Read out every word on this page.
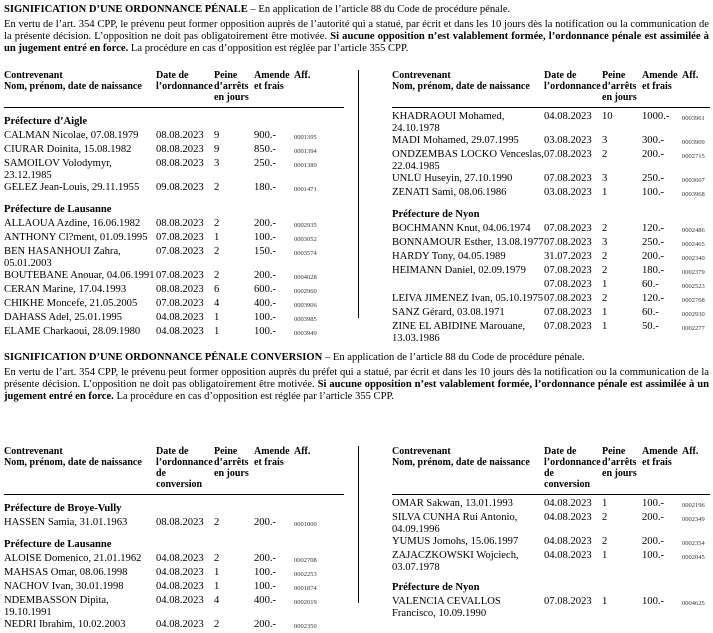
SIGNIFICATION D’UNE ORDONNANCE PÉNALE – En application de l’article 88 du Code de procédure pénale.
En vertu de l’art. 354 CPP, le prévenu peut former opposition auprès de l’autorité qui a statué, par écrit et dans les 10 jours dès la notification ou la communication de la présente décision. L’opposition ne doit pas obligatoirement être motivée. Si aucune opposition n’est valablement formée, l’ordonnance pénale est assimilée à un jugement entré en force. La procédure en cas d’opposition est réglée par l’article 355 CPP.
Contrevenant
Nom, prénom, date de naissance	Date de
l’ordonnance	Peine
d’arrêts
en jours	Amende
et frais	Aff.
Préfecture d’Aigle				
CALMAN Nicolae, 07.08.1979	08.08.2023	9	900.-	0001395
CIURAR Doinita, 15.08.1982	08.08.2023	9	850.-	0001394
SAMOILOV Volodymyr, 23.12.1985	08.08.2023	3	250.-	0001389
GELEZ Jean-Louis, 29.11.1955	09.08.2023	2	180.-	0001471
Préfecture de Lausanne				
ALLAOUA Azdine, 16.06.1982	08.08.2023	2	200.-	0002935
ANTHONY Cl?ment, 01.09.1995	07.08.2023	1	100.-	0003052
BEN HASANHOUI Zahra, 05.01.2003	07.08.2023	2	150.-	0003574
BOUTEBANE Anouar, 04.06.1991	07.08.2023	2	200.-	0004028
CERAN Marine, 17.04.1993	08.08.2023	6	600.-	0002960
CHIKHE Moncefe, 21.05.2005	07.08.2023	4	400.-	0003906
DAHASS Adel, 25.01.1995	04.08.2023	1	100.-	0003985
ELAME Charkaoui, 28.09.1980	04.08.2023	1	100.-	0003949
Contrevenant
Nom, prénom, date de naissance	Date de
l’ordonnance	Peine
d’arrêts
en jours	Amende
et frais	Aff.

KHADRAOUI Mohamed, 24.10.1978	04.08.2023	10	1000.-	0003961
MADI Mohamed, 29.07.1995	03.08.2023	3	300.-	0003909
ONDZEMBAS LOCKO Venceslas, 22.04.1985	07.08.2023	2	200.-	0002715
UNLÜ Huseyin, 27.10.1990	07.08.2023	3	250.-	0003667
ZENATI Sami, 08.06.1986	03.08.2023	1	100.-	0003968
Préfecture de Nyon				
BOCHMANN Knut, 04.06.1974	07.08.2023	2	120.-	0002486
BONNAMOUR Esther, 13.08.1977	07.08.2023	3	250.-	0002465
HARDY Tony, 04.05.1989	31.07.2023	2	200.-	0002340
HEIMANN Daniel, 02.09.1979	07.08.2023	2	180.-	0002379
	07.08.2023	1	60.-	0002523
LEIVA JIMENEZ Ivan, 05.10.1975	07.08.2023	2	120.-	0002768
SANZ Gérard, 03.08.1971	07.08.2023	1	60.-	0002930
ZINE EL ABIDINE Marouane, 13.03.1986	07.08.2023	1	50.-	0002277
SIGNIFICATION D’UNE ORDONNANCE PÉNALE CONVERSION – En application de l’article 88 du Code de procédure pénale.
En vertu de l’art. 354 CPP, le prévenu peut former opposition auprès du préfet qui a statué, par écrit et dans les 10 jours dès la notification ou la communication de la présente décision. L’opposition ne doit pas obligatoirement être motivée. Si aucune opposition n’est valablement formée, l’ordonnance pénale est assimilée à un jugement entré en force. La procédure en cas d’opposition est réglée par l’article 355 CPP.
Contrevenant
Nom, prénom, date de naissance	Date de
l’ordonnance
de conversion	Peine
d’arrêts
en jours	Amende
et frais	Aff.
Préfecture de Broye-Vully				
HASSEN Samia, 31.01.1963	08.08.2023	2	200.-	0001000
Préfecture de Lausanne				
ALOISE Domenico, 21.01.1962	04.08.2023	2	200.-	0002708
MAHSAS Omar, 08.06.1998	04.08.2023	1	100.-	0002253
NACHOV Ivan, 30.01.1998	04.08.2023	1	100.-	0001874
NDEMBASSON Dipita, 19.10.1991	04.08.2023	4	400.-	0002019
NEDRI Ibrahim, 10.02.2003	04.08.2023	2	200.-	0002350
Contrevenant
Nom, prénom, date de naissance	Date de
l’ordonnance
de conversion	Peine
d’arrêts
en jours	Amende
et frais	Aff.

OMAR Sakwan, 13.01.1993	04.08.2023	1	100.-	0002196
SILVA CUNHA Rui Antonio, 04.09.1996	04.08.2023	2	200.-	0002349
YUMUS Jomohs, 15.06.1997	04.08.2023	2	200.-	0002354
ZAJACZKOWSKI Wojciech, 03.07.1978	04.08.2023	1	100.-	0002045
Préfecture de Nyon				
VALENCIA CEVALLOS Francisco, 10.09.1990	07.08.2023	1	100.-	0004625
